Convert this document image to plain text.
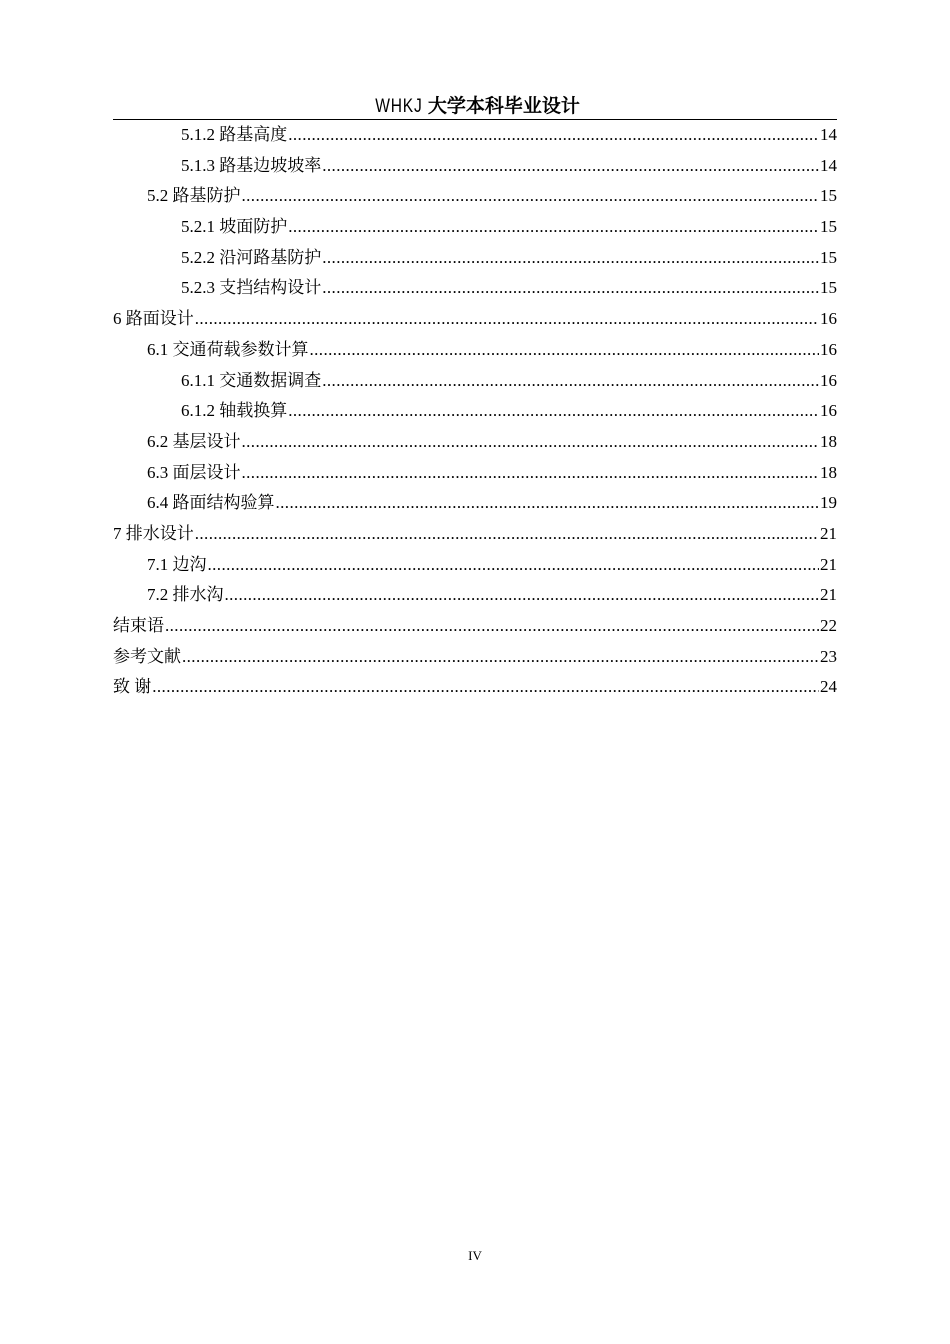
WHKJ 大学本科毕业设计
5.1.2 路基高度 .....	14
5.1.3 路基边坡坡率 .....	14
5.2 路基防护 .....	15
5.2.1 坡面防护 .....	15
5.2.2 沿河路基防护 .....	15
5.2.3 支挡结构设计 .....	15
6 路面设计 .....	16
6.1 交通荷载参数计算 .....	16
6.1.1 交通数据调查 .....	16
6.1.2 轴载换算 .....	16
6.2 基层设计 .....	18
6.3 面层设计 .....	18
6.4 路面结构验算 .....	19
7 排水设计 .....	21
7.1 边沟 .....	21
7.2 排水沟 .....	21
结束语 .....	22
参考文献 .....	23
致 谢 .....	24
IV
